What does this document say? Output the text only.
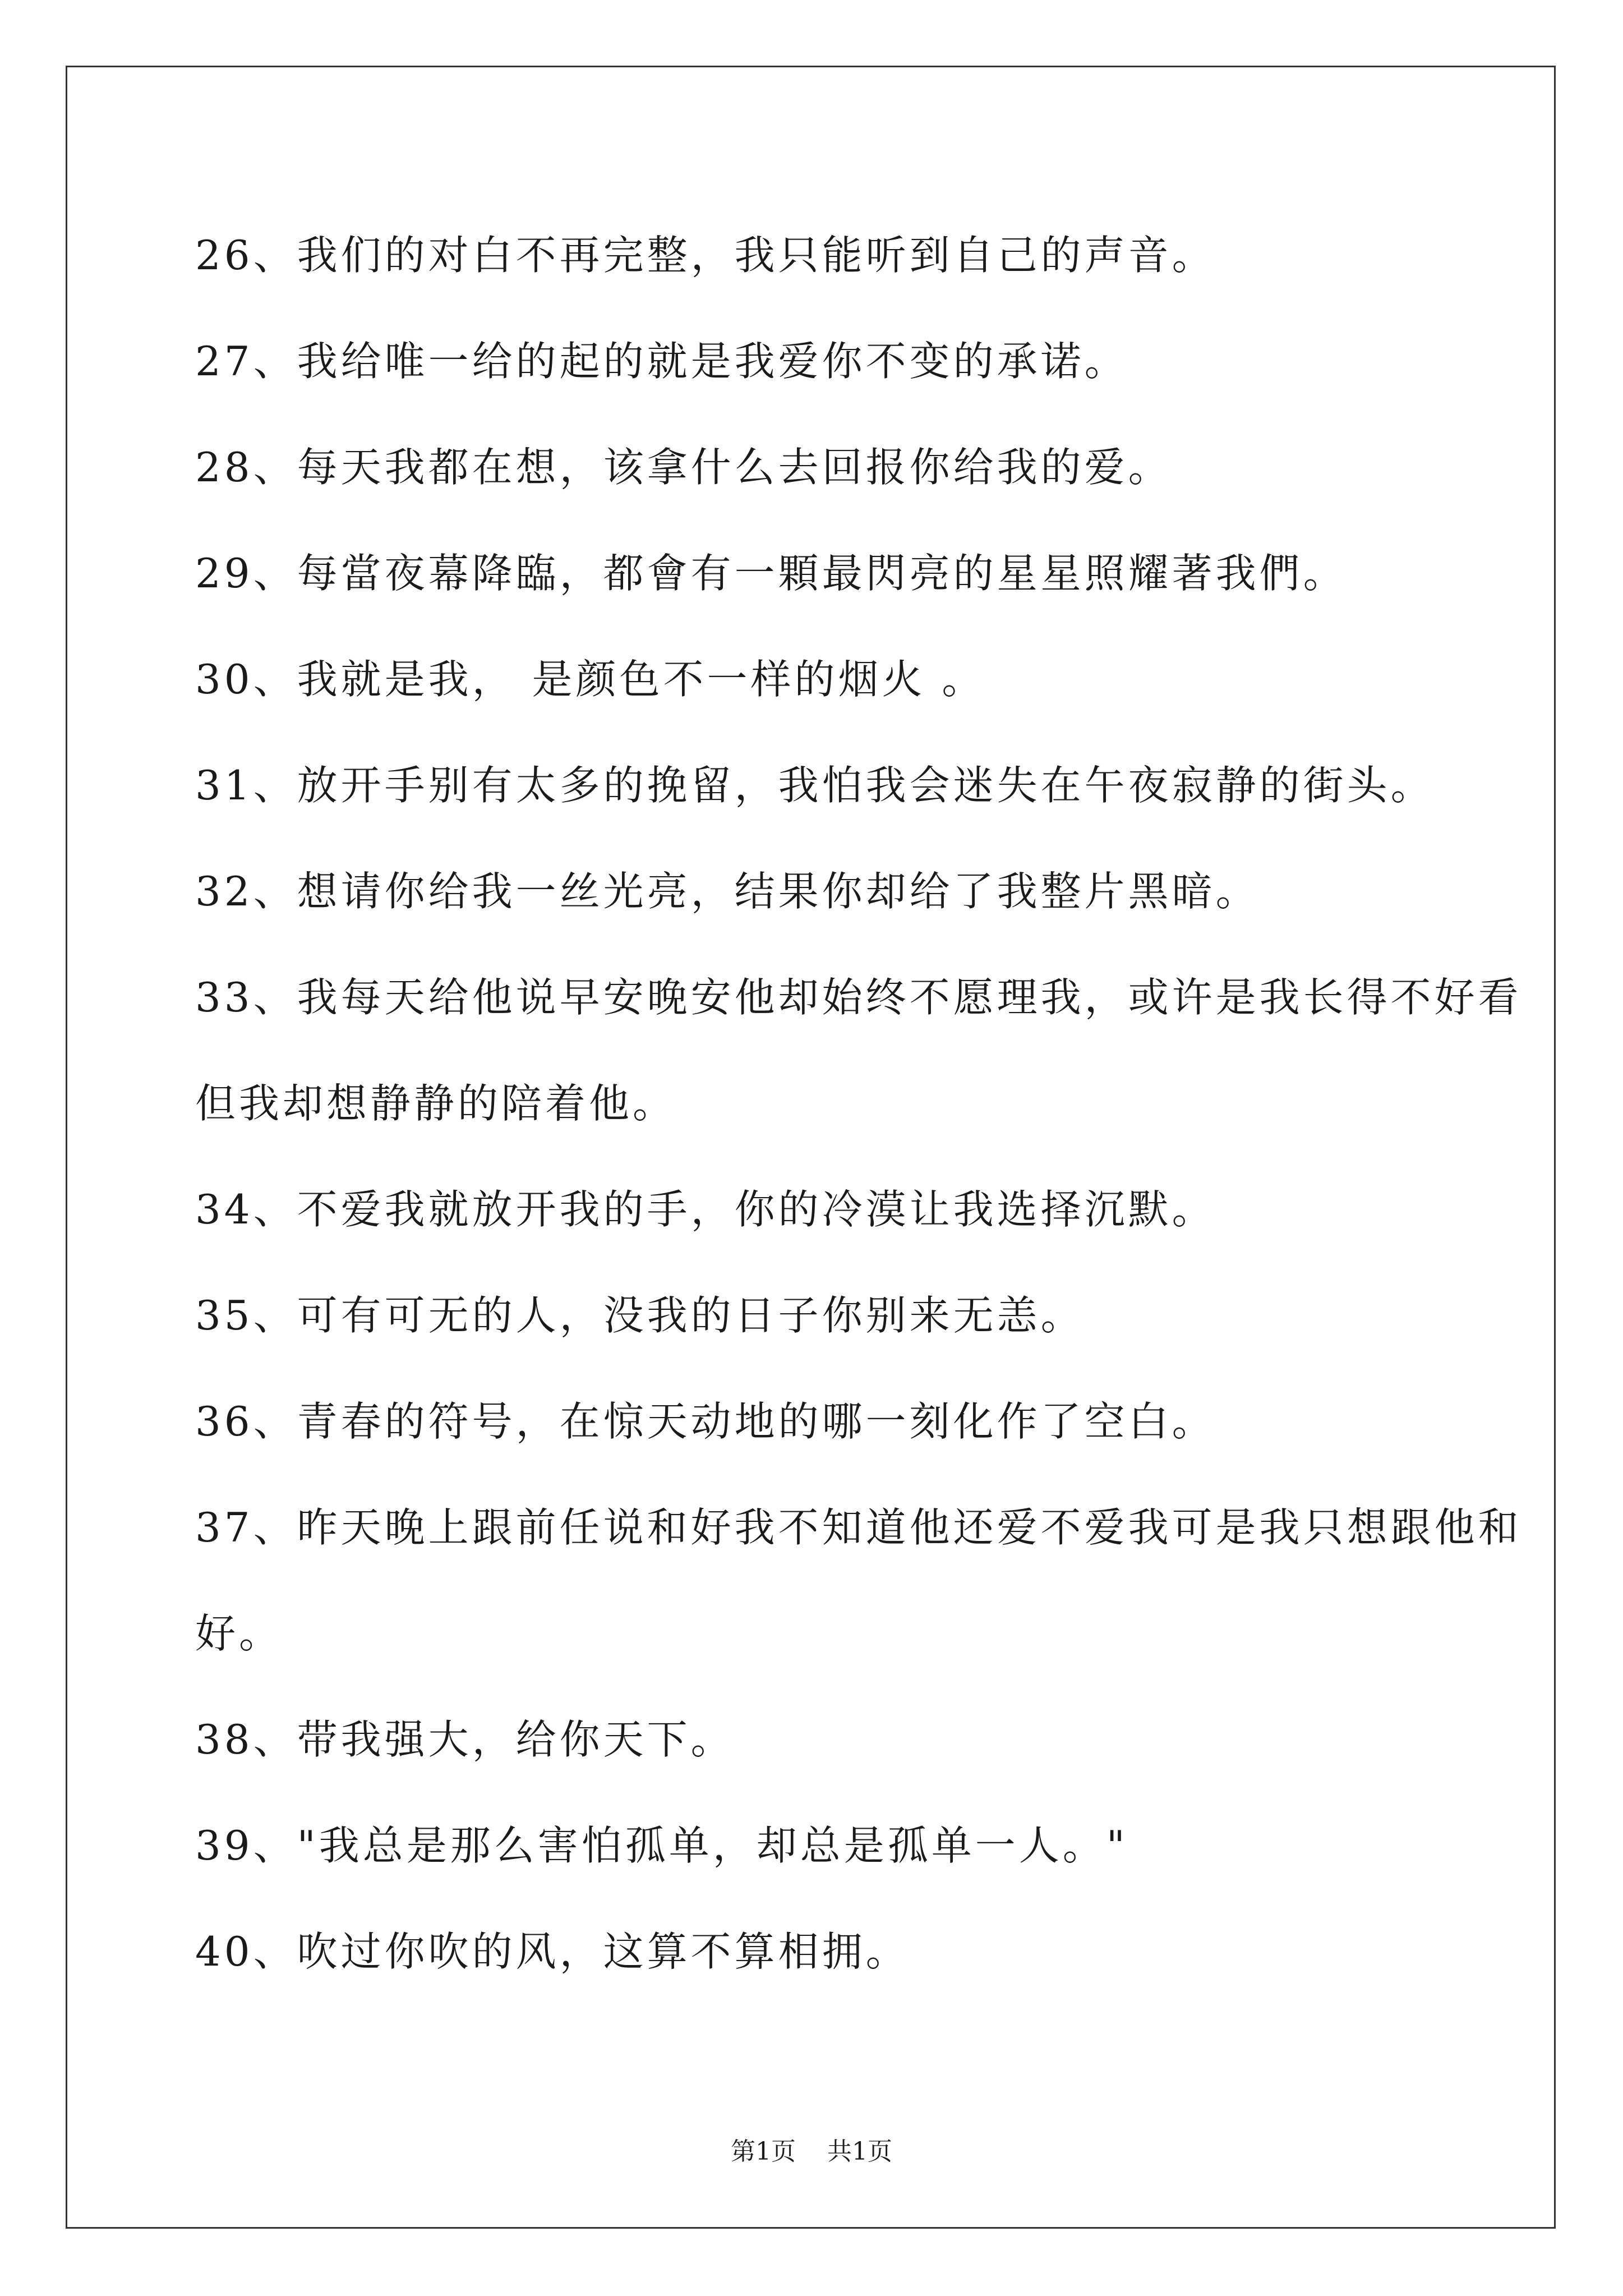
26、我们的对白不再完整，我只能听到自己的声音。
27、我给唯一给的起的就是我爱你不变的承诺。
28、每天我都在想，该拿什么去回报你给我的爱。
29、每當夜幕降臨，都會有一顆最閃亮的星星照耀著我們。
30、我就是我， 是颜色不一样的烟火 。
31、放开手别有太多的挽留，我怕我会迷失在午夜寂静的街头。
32、想请你给我一丝光亮，结果你却给了我整片黑暗。
33、我每天给他说早安晚安他却始终不愿理我，或许是我长得不好看
但我却想静静的陪着他。
34、不爱我就放开我的手，你的冷漠让我选择沉默。
35、可有可无的人，没我的日子你别来无恙。
36、青春的符号，在惊天动地的哪一刻化作了空白。
37、昨天晚上跟前任说和好我不知道他还爱不爱我可是我只想跟他和
好。
38、带我强大，给你天下。
39、"我总是那么害怕孤单，却总是孤单一人。"
40、吹过你吹的风，这算不算相拥。
第1页 共1页
